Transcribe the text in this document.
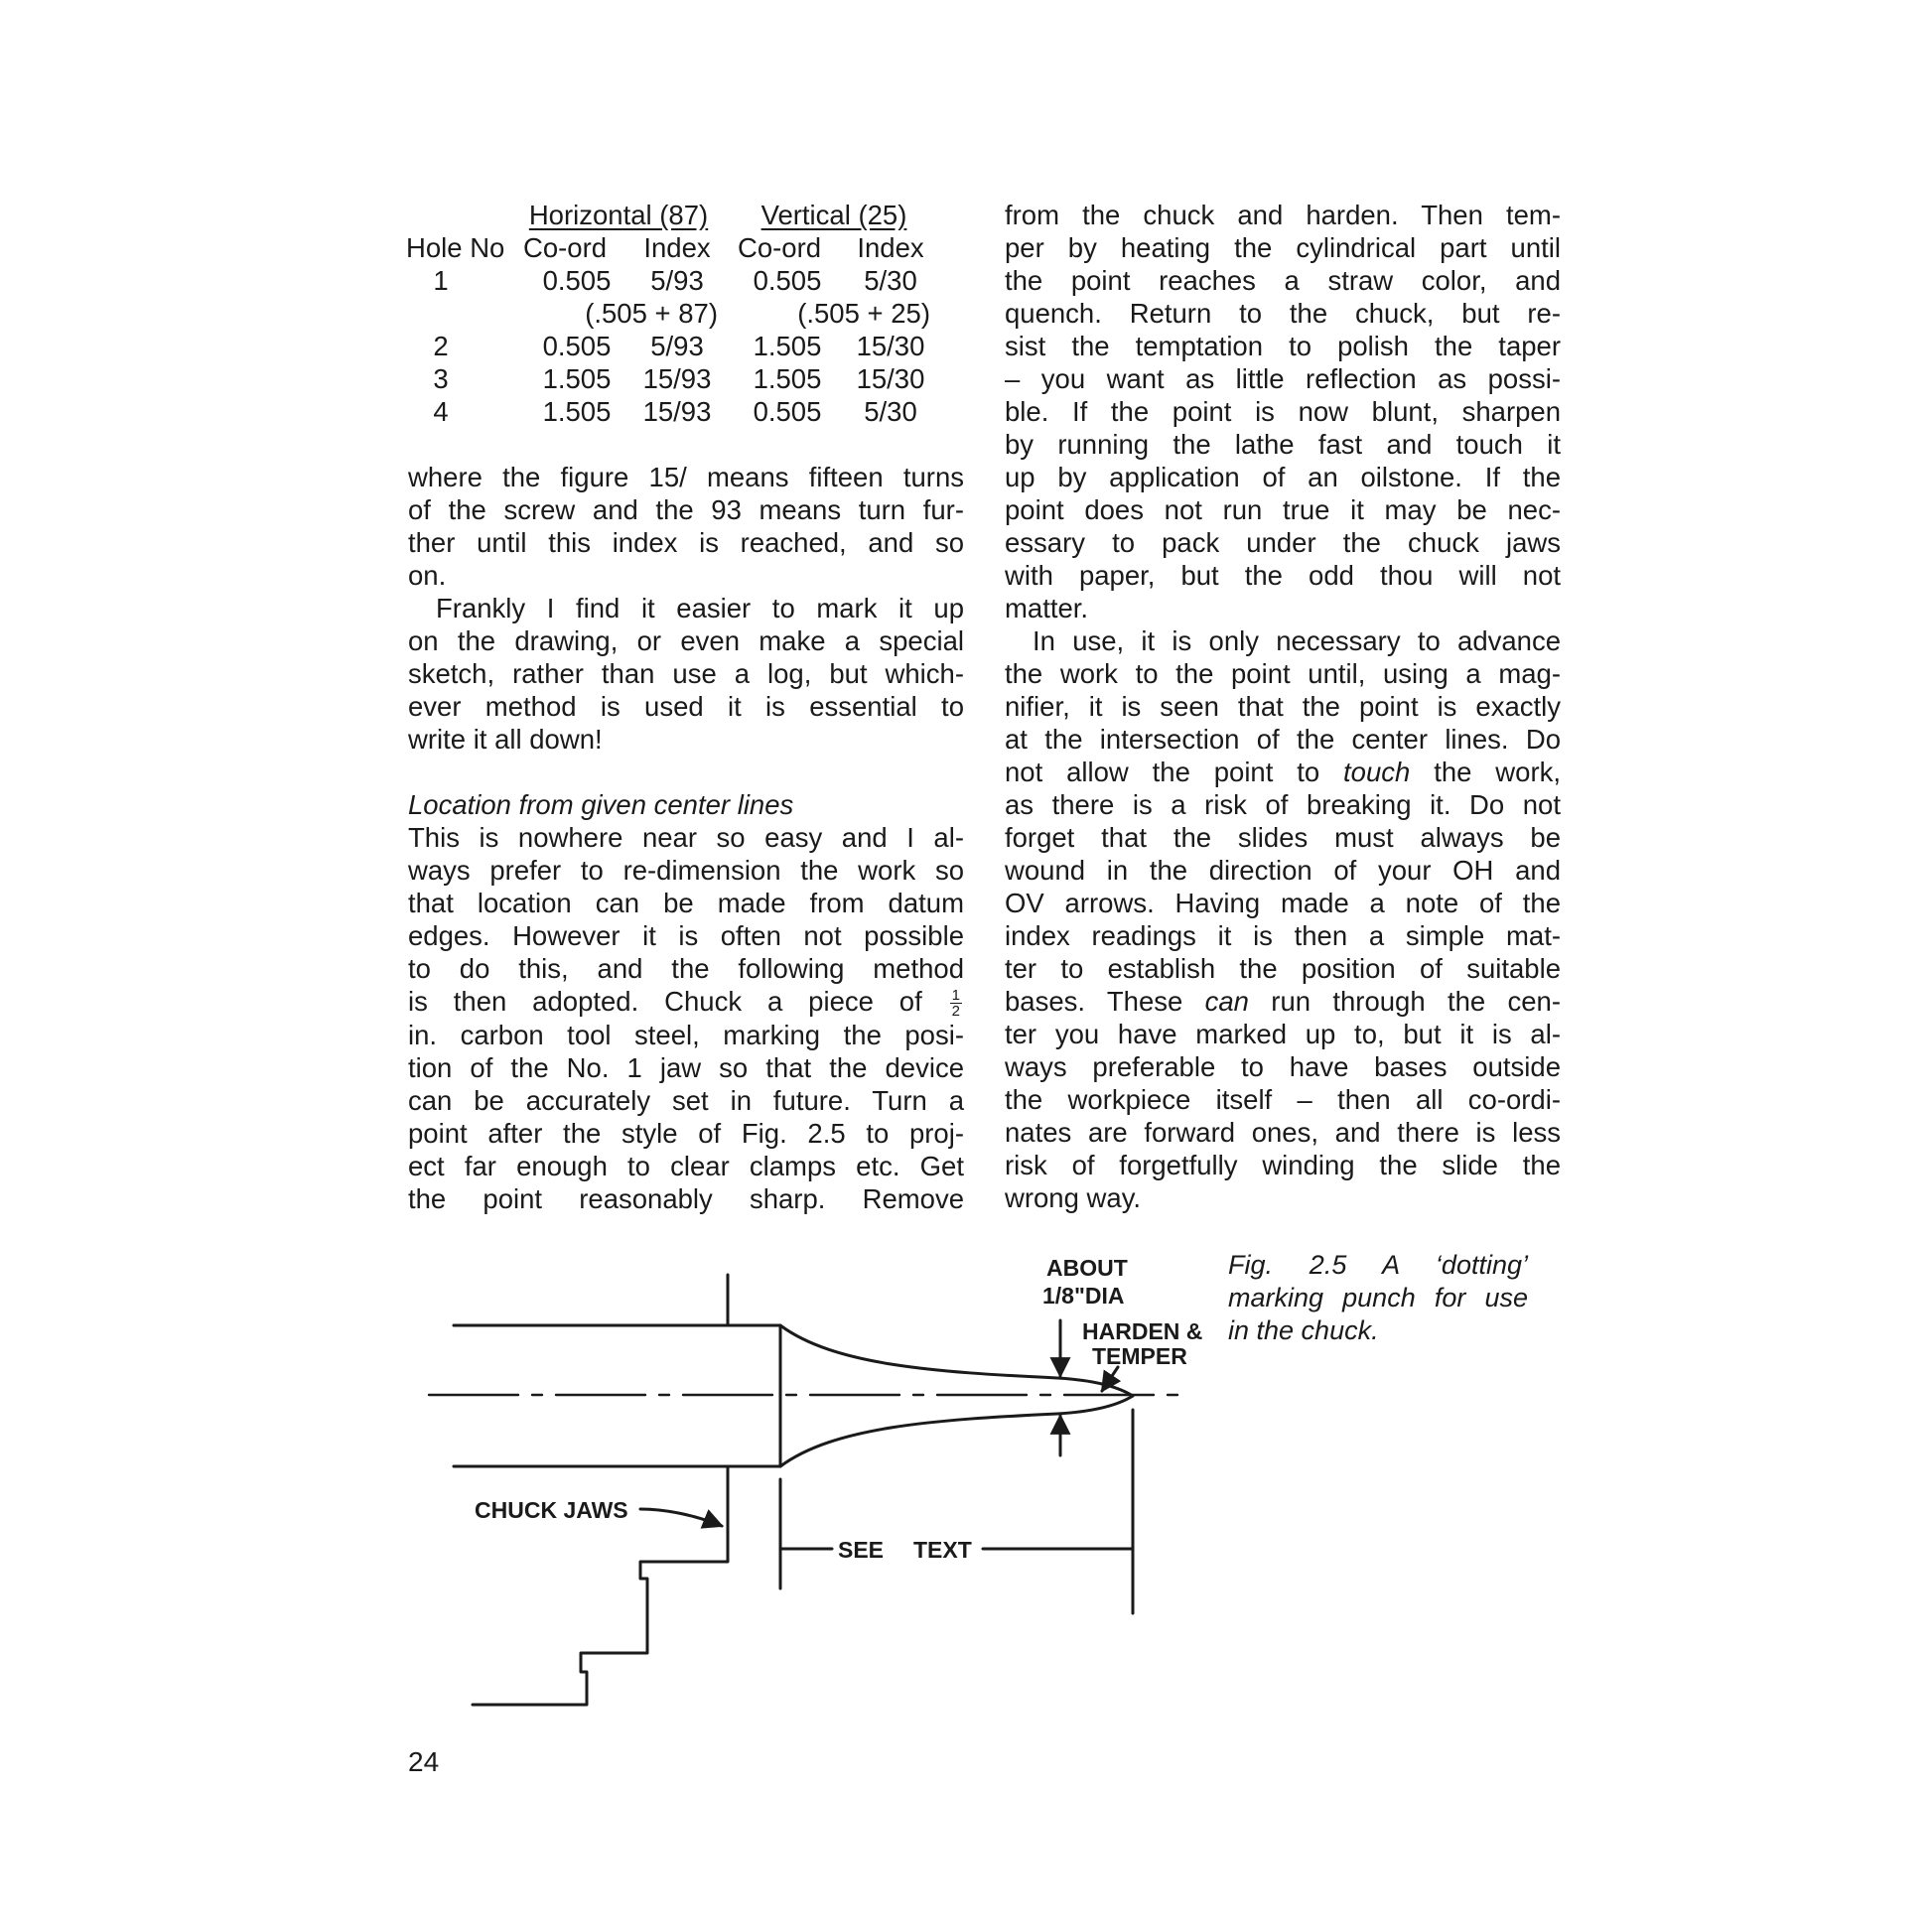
	Horizontal (87)		Vertical (25)	
Hole No	Co-ord	Index	Co-ord	Index
1	0.505	5/93	0.505	5/30
	(.505 + 87)		(.505 + 25)	
2	0.505	5/93	1.505	15/30
3	1.505	15/93	1.505	15/30
4	1.505	15/93	0.505	5/30
where the figure 15/ means fifteen turns
of the screw and the 93 means turn fur-
ther until this index is reached, and so
on.
Frankly I find it easier to mark it up
on the drawing, or even make a special
sketch, rather than use a log, but which-
ever method is used it is essential to
write it all down!

Location from given center lines

This is nowhere near so easy and I al-
ways prefer to re-dimension the work so
that location can be made from datum
edges. However it is often not possible
to do this, and the following method
is then adopted. Chuck a piece of $\frac{1}{2}$
in. carbon tool steel, marking the posi-
tion of the No. 1 jaw so that the device
can be accurately set in future. Turn a
point after the style of Fig. 2.5 to proj-
ect far enough to clear clamps etc. Get
the point reasonably sharp. Remove
from the chuck and harden. Then tem-
per by heating the cylindrical part until
the point reaches a straw color, and
quench. Return to the chuck, but re-
sist the temptation to polish the taper
– you want as little reflection as possi-
ble. If the point is now blunt, sharpen
by running the lathe fast and touch it
up by application of an oilstone. If the
point does not run true it may be nec-
essary to pack under the chuck jaws
with paper, but the odd thou will not
matter.
In use, it is only necessary to advance
the work to the point until, using a mag-
nifier, it is seen that the point is exactly
at the intersection of the center lines. Do
not allow the point to touch the work,
as there is a risk of breaking it. Do not
forget that the slides must always be
wound in the direction of your OH and
OV arrows. Having made a note of the
index readings it is then a simple mat-
ter to establish the position of suitable
bases. These can run through the cen-
ter you have marked up to, but it is al-
ways preferable to have bases outside
the workpiece itself – then all co-ordi-
nates are forward ones, and there is less
risk of forgetfully winding the slide the
wrong way.
ABOUT
1/8"DIA
HARDEN &
TEMPER
CHUCK JAWS
SEE TEXT
Fig. 2.5 A ‘dotting’
marking punch for use
in the chuck.
24
